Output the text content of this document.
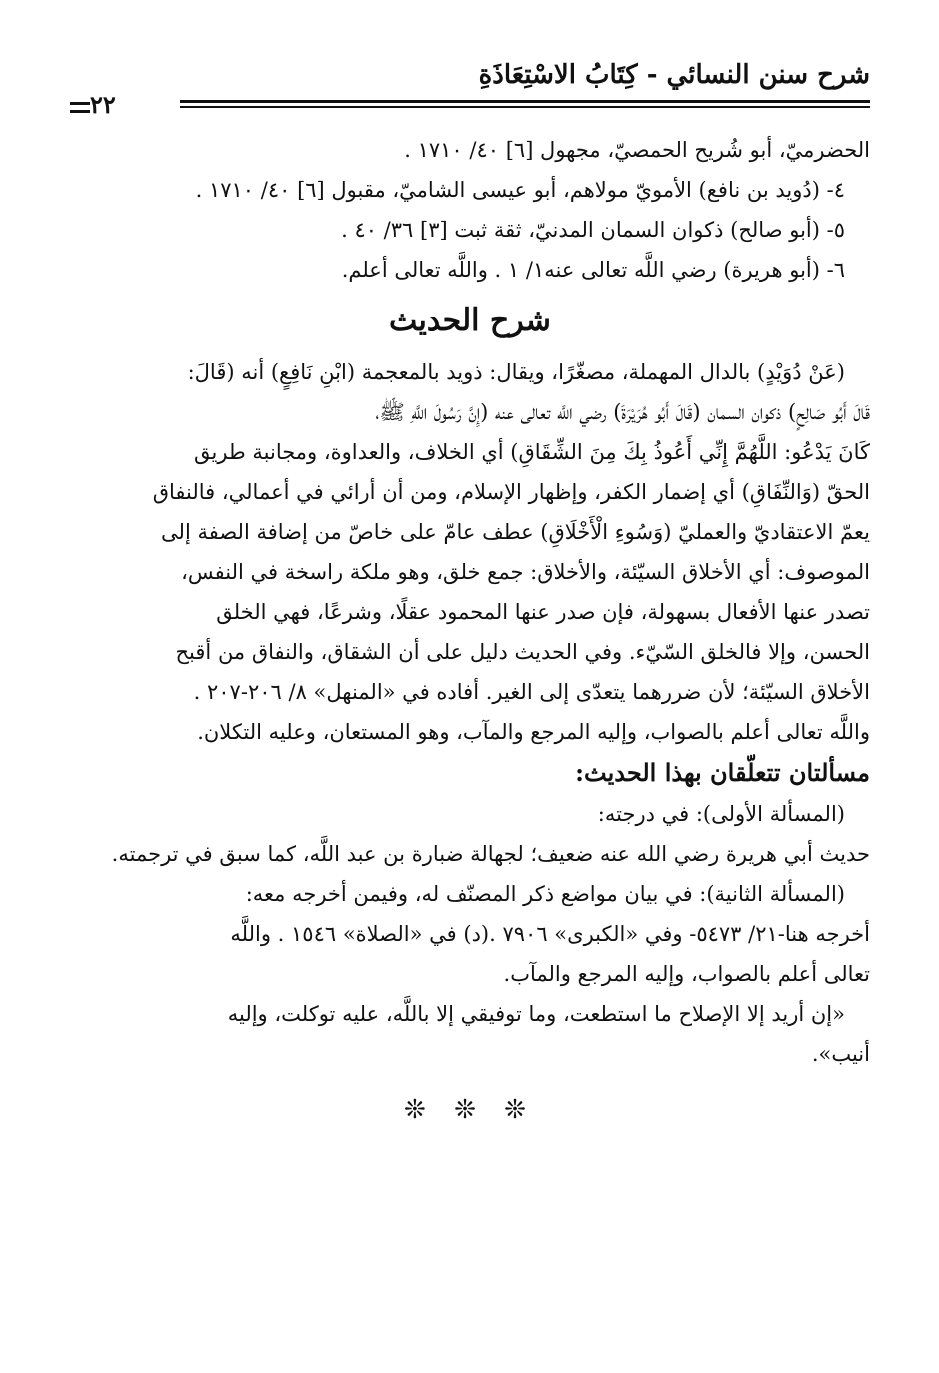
شرح سنن النسائي - كِتَابُ الاسْتِعَاذَةِ
٢٢
الحضرميّ، أبو شُريح الحمصيّ، مجهول [٦] ٤٠/ ١٧١٠ .
٤- (دُويد بن نافع) الأمويّ مولاهم، أبو عيسى الشاميّ، مقبول [٦] ٤٠/ ١٧١٠ .
٥- (أبو صالح) ذكوان السمان المدنيّ، ثقة ثبت [٣] ٣٦/ ٤٠ .
٦- (أبو هريرة) رضي اللَّه تعالى عنه١/ ١ . واللَّه تعالى أعلم.
شرح الحديث
(عَنْ دُوَيْدٍ) بالدال المهملة، مصغّرًا، ويقال: ذويد بالمعجمة (ابْنِ نَافِعٍ) أنه (قَالَ:
قَالَ أَبُو صَالِحٍ) ذكوان السمان (قَالَ أَبُو هُرَيْرَةَ) رضي اللَّه تعالى عنه (إِنَّ رَسُولَ اللَّهِ ﷺ،
كَانَ يَدْعُو: اللَّهُمَّ إِنِّي أَعُوذُ بِكَ مِنَ الشِّقَاقِ) أي الخلاف، والعداوة، ومجانبة طريق
الحقّ (وَالنِّفَاقِ) أي إضمار الكفر، وإظهار الإسلام، ومن أن أرائي في أعمالي، فالنفاق
يعمّ الاعتقاديّ والعمليّ (وَسُوءِ الْأَخْلَاقِ) عطف عامّ على خاصّ من إضافة الصفة إلى
الموصوف: أي الأخلاق السيّئة، والأخلاق: جمع خلق، وهو ملكة راسخة في النفس،
تصدر عنها الأفعال بسهولة، فإن صدر عنها المحمود عقلًا، وشرعًا، فهي الخلق
الحسن، وإلا فالخلق السّيّء. وفي الحديث دليل على أن الشقاق، والنفاق من أقبح
الأخلاق السيّئة؛ لأن ضررهما يتعدّى إلى الغير. أفاده في «المنهل» ٨/ ٢٠٦-٢٠٧ .
واللَّه تعالى أعلم بالصواب، وإليه المرجع والمآب، وهو المستعان، وعليه التكلان.
مسألتان تتعلّقان بهذا الحديث:
(المسألة الأولى): في درجته:
حديث أبي هريرة رضي الله عنه ضعيف؛ لجهالة ضبارة بن عبد اللَّه، كما سبق في ترجمته.
(المسألة الثانية): في بيان مواضع ذكر المصنّف له، وفيمن أخرجه معه:
أخرجه هنا-٢١/ ٥٤٧٣- وفي «الكبرى» ٧٩٠٦ .(د) في «الصلاة» ١٥٤٦ . واللَّه
تعالى أعلم بالصواب، وإليه المرجع والمآب.
«إن أريد إلا الإصلاح ما استطعت، وما توفيقي إلا باللَّه، عليه توكلت، وإليه
أنيب».
❊ ❊ ❊
